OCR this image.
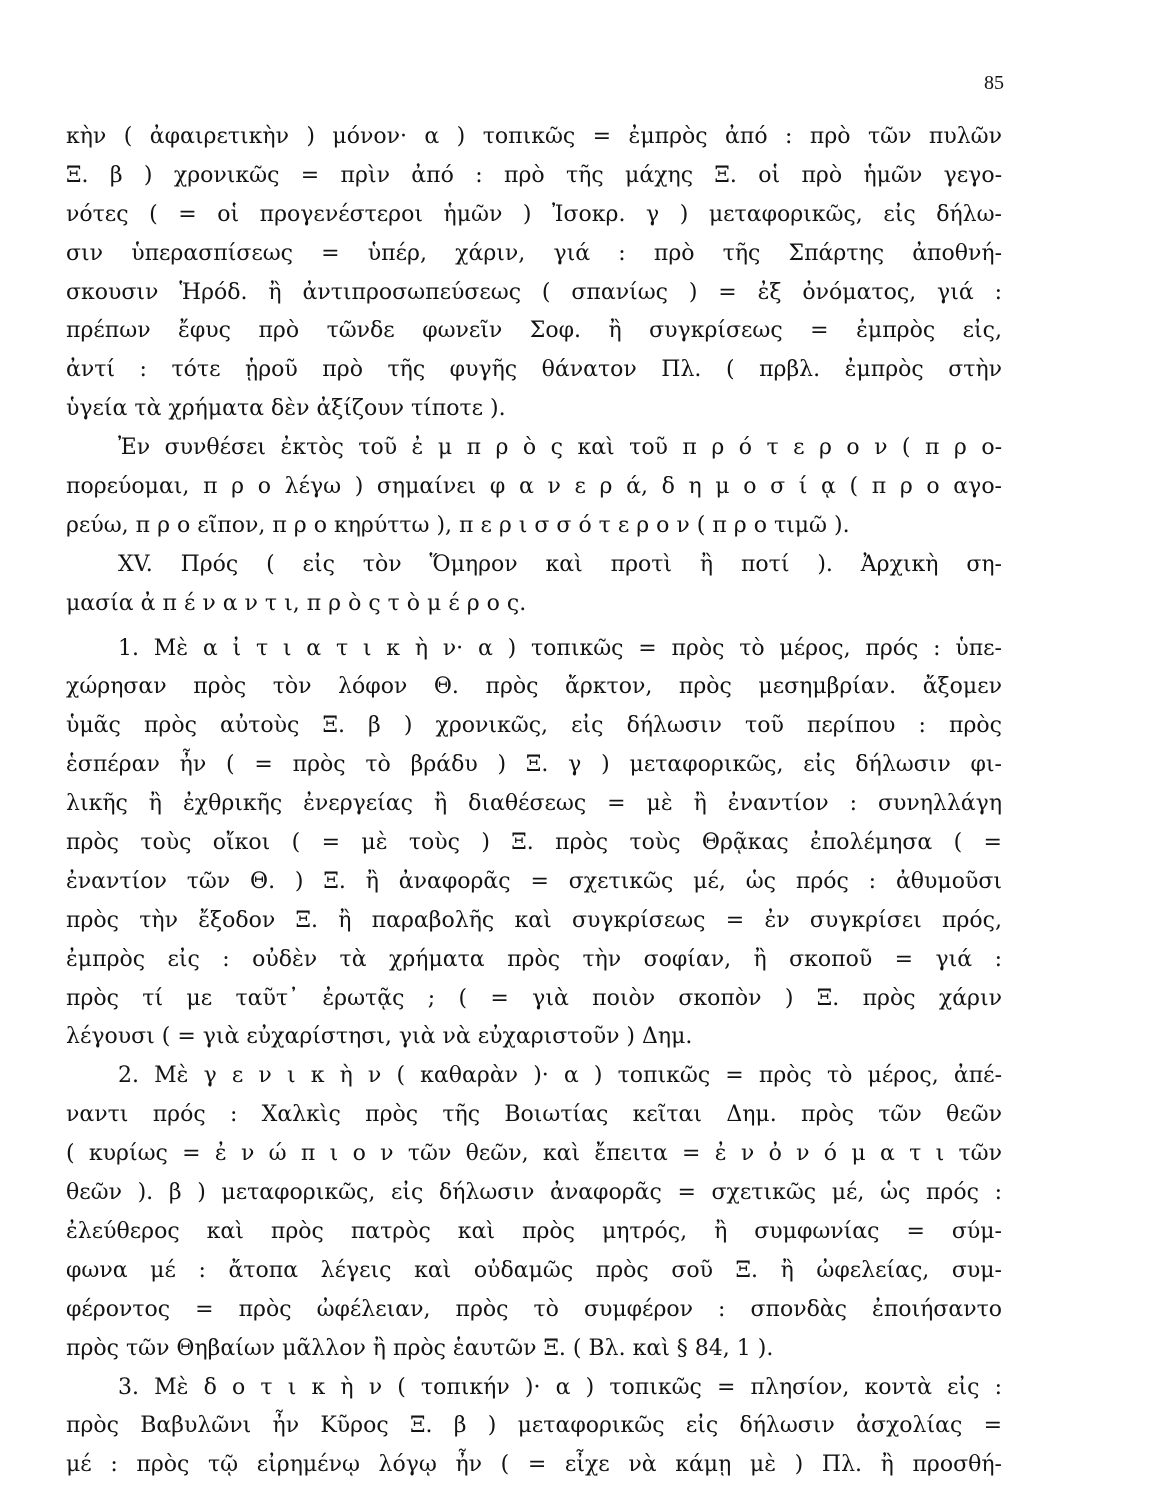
85
κὴν ( ἀφαιρετικὴν ) μόνον· α ) τοπικῶς = ἐμπρὸς ἀπό : πρὸ τῶν πυλῶν
Ξ. β ) χρονικῶς = πρὶν ἀπό : πρὸ τῆς μάχης Ξ. οἱ πρὸ ἡμῶν γεγο-
νότες ( = οἱ προγενέστεροι ἡμῶν ) Ἰσοκρ. γ ) μεταφορικῶς, εἰς δήλω-
σιν ὑπερασπίσεως = ὑπέρ, χάριν, γιά : πρὸ τῆς Σπάρτης ἀποθνή-
σκουσιν Ἡρόδ. ἢ ἀντιπροσωπεύσεως ( σπανίως ) = ἐξ ὀνόματος, γιά :
πρέπων ἔφυς πρὸ τῶνδε φωνεῖν Σοφ. ἢ συγκρίσεως = ἐμπρὸς εἰς,
ἀντί : τότε ᾑροῦ πρὸ τῆς φυγῆς θάνατον Πλ. ( πρβλ. ἐμπρὸς στὴν
ὑγεία τὰ χρήματα δὲν ἀξίζουν τίποτε ).
Ἐν συνθέσει ἐκτὸς τοῦ ἐ μ π ρ ὸ ς καὶ τοῦ π ρ ό τ ε ρ ο ν ( π ρ ο-
πορεύομαι, π ρ ο λέγω ) σημαίνει φ α ν ε ρ ά, δ η μ ο σ ί ᾳ ( π ρ ο αγο-
ρεύω, π ρ ο εῖπον, π ρ ο κηρύττω ), π ε ρ ι σ σ ό τ ε ρ ο ν ( π ρ ο τιμῶ ).
XV. Πρός ( εἰς τὸν Ὅμηρον καὶ προτὶ ἢ ποτί ). Ἀρχικὴ ση-
μασία ἀ π έ ν α ν τ ι, π ρ ὸ ς τ ὸ μ έ ρ ο ς.
1. Μὲ α ἰ τ ι α τ ι κ ὴ ν· α ) τοπικῶς = πρὸς τὸ μέρος, πρός : ὑπε-
χώρησαν πρὸς τὸν λόφον Θ. πρὸς ἄρκτον, πρὸς μεσημβρίαν. ἄξομεν
ὑμᾶς πρὸς αὐτοὺς Ξ. β ) χρονικῶς, εἰς δήλωσιν τοῦ περίπου : πρὸς
ἑσπέραν ἦν ( = πρὸς τὸ βράδυ ) Ξ. γ ) μεταφορικῶς, εἰς δήλωσιν φι-
λικῆς ἢ ἐχθρικῆς ἐνεργείας ἢ διαθέσεως = μὲ ἢ ἐναντίον : συνηλλάγη
πρὸς τοὺς οἴκοι ( = μὲ τοὺς ) Ξ. πρὸς τοὺς Θρᾷκας ἐπολέμησα ( =
ἐναντίον τῶν Θ. ) Ξ. ἢ ἀναφορᾶς = σχετικῶς μέ, ὡς πρός : ἀθυμοῦσι
πρὸς τὴν ἔξοδον Ξ. ἢ παραβολῆς καὶ συγκρίσεως = ἐν συγκρίσει πρός,
ἐμπρὸς εἰς : οὐδὲν τὰ χρήματα πρὸς τὴν σοφίαν, ἢ σκοποῦ = γιά :
πρὸς τί με ταῦτ᾽ ἐρωτᾷς ; ( = γιὰ ποιὸν σκοπὸν ) Ξ. πρὸς χάριν
λέγουσι ( = γιὰ εὐχαρίστησι, γιὰ νὰ εὐχαριστοῦν ) Δημ.
2. Μὲ γ ε ν ι κ ὴ ν ( καθαρὰν )· α ) τοπικῶς = πρὸς τὸ μέρος, ἀπέ-
ναντι πρός : Χαλκὶς πρὸς τῆς Βοιωτίας κεῖται Δημ. πρὸς τῶν θεῶν
( κυρίως = ἐ ν ώ π ι ο ν τῶν θεῶν, καὶ ἔπειτα = ἐ ν ὀ ν ό μ α τ ι τῶν
θεῶν ). β ) μεταφορικῶς, εἰς δήλωσιν ἀναφορᾶς = σχετικῶς μέ, ὡς πρός :
ἐλεύθερος καὶ πρὸς πατρὸς καὶ πρὸς μητρός, ἢ συμφωνίας = σύμ-
φωνα μέ : ἄτοπα λέγεις καὶ οὐδαμῶς πρὸς σοῦ Ξ. ἢ ὠφελείας, συμ-
φέροντος = πρὸς ὠφέλειαν, πρὸς τὸ συμφέρον : σπονδὰς ἐποιήσαντο
πρὸς τῶν Θηβαίων μᾶλλον ἢ πρὸς ἑαυτῶν Ξ. ( Βλ. καὶ § 84, 1 ).
3. Μὲ δ ο τ ι κ ὴ ν ( τοπικήν )· α ) τοπικῶς = πλησίον, κοντὰ εἰς :
πρὸς Βαβυλῶνι ἦν Κῦρος Ξ. β ) μεταφορικῶς εἰς δήλωσιν ἀσχολίας =
μέ : πρὸς τῷ εἰρημένῳ λόγῳ ἦν ( = εἶχε νὰ κάμῃ μὲ ) Πλ. ἢ προσθή-
